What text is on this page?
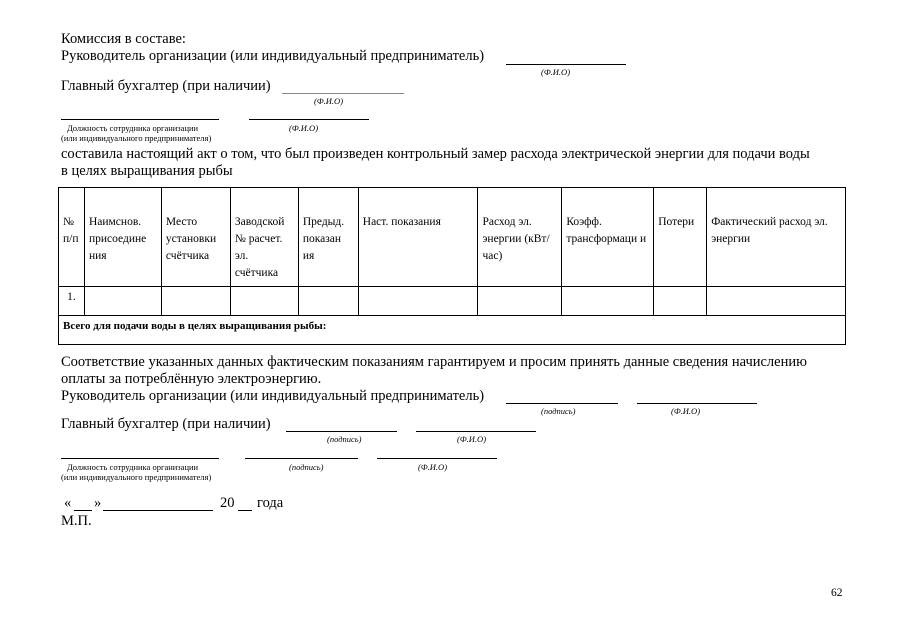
Комиссия в составе:
Руководитель организации (или индивидуальный предприниматель)
(Ф.И.О)
Главный бухгалтер (при наличии)
(Ф.И.О)
Должность сотрудника организации	(Ф.И.О)
(или индивидуального предпринимателя)
составила настоящий акт о том, что был произведен контрольный замер расхода электрической энергии для подачи воды
в целях выращивания рыбы
№ п/п	Наимснов. присоедине ния	Место установки счётчика	Заводской № расчет. эл. счётчика	Предыд. показан ия	Наст. показания	Расход эл. энергии (кВт/час)	Коэфф. трансформаци и	Потери	Фактический расход эл. энергии
1.									
Всего для подачи воды в целях выращивания рыбы:									
Соответствие указанных данных фактическим показаниям гарантируем и просим принять данные сведения начислению
оплаты за потреблённую электроэнергию.
Руководитель организации (или индивидуальный предприниматель)
(подпись)	(Ф.И.О)
Главный бухгалтер (при наличии)
(подпись)	(Ф.И.О)
Должность сотрудника организации	(подпись)	(Ф.И.О)
(или индивидуального предпринимателя)
« »	20 года
М.П.
62
